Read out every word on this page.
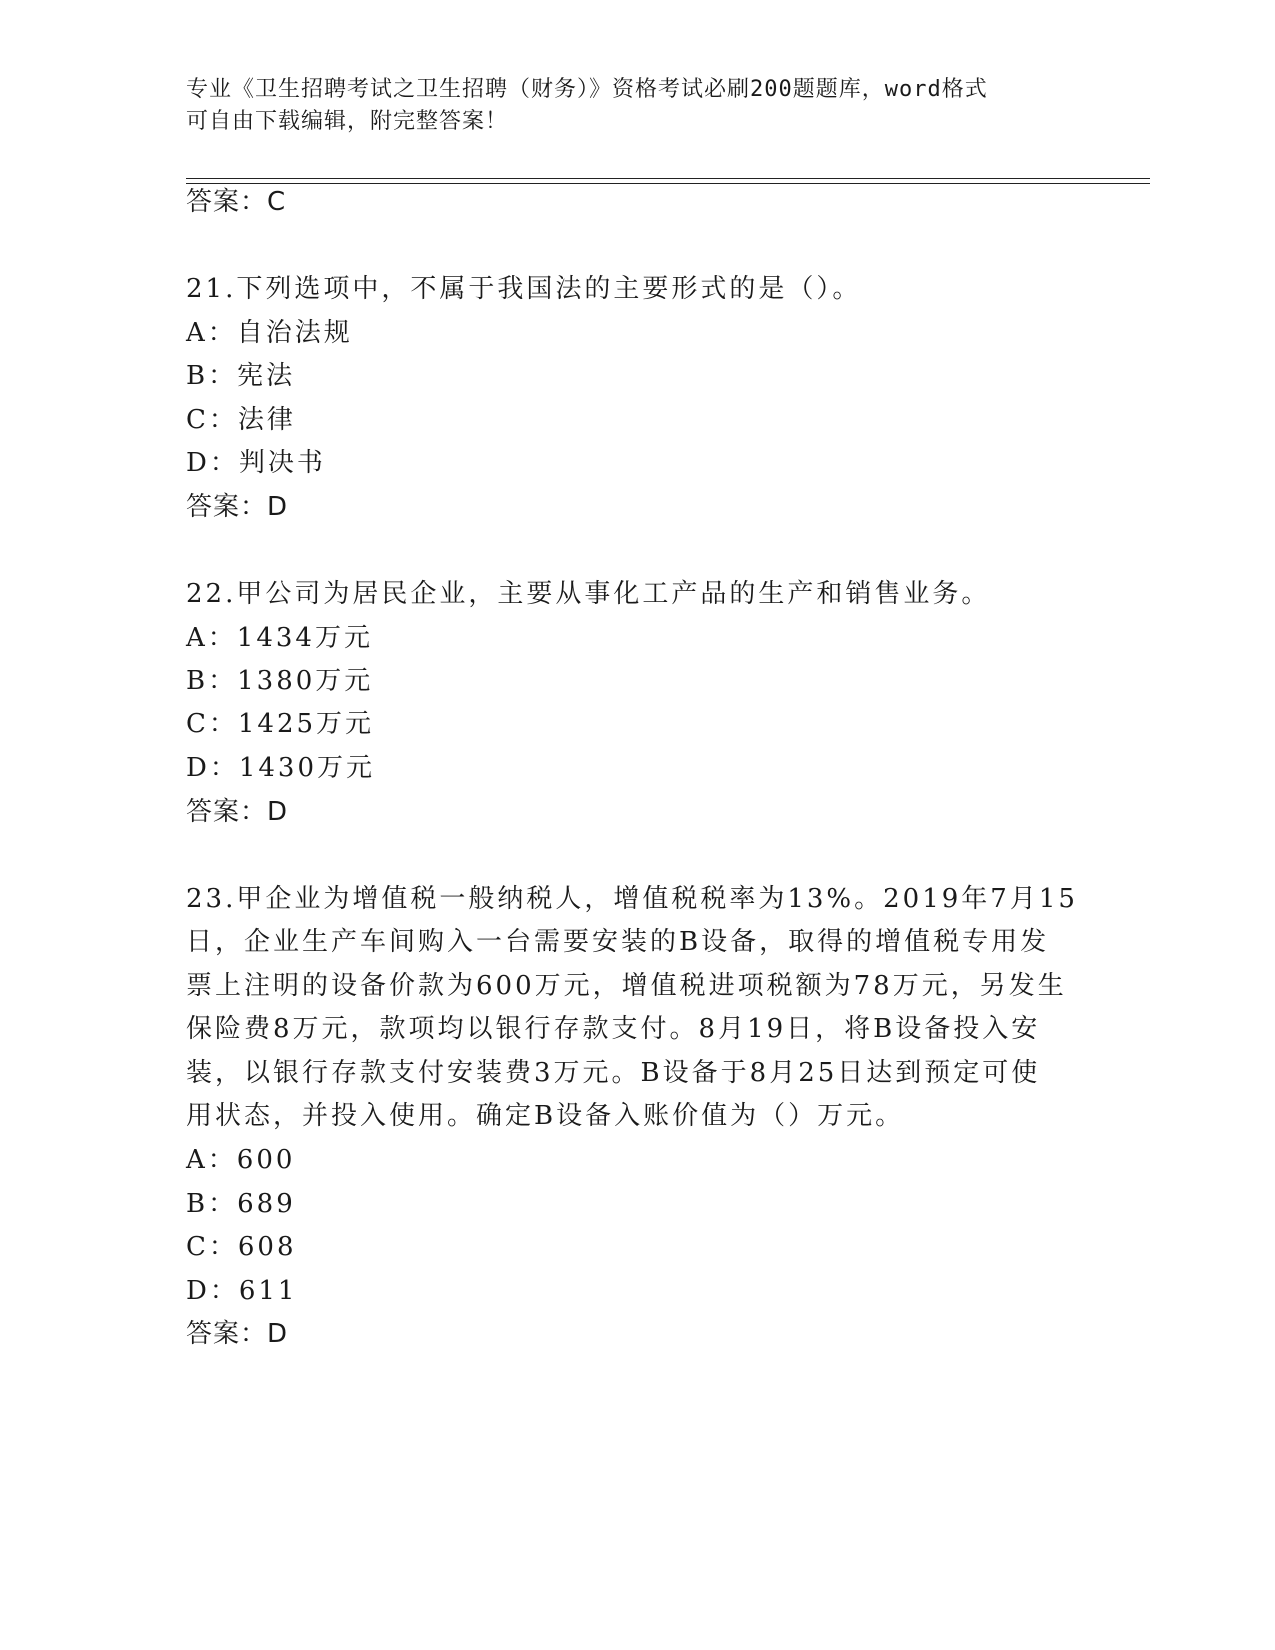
专业《卫生招聘考试之卫生招聘（财务）》资格考试必刷200题题库，word格式
可自由下载编辑，附完整答案！
答案：C
21.下列选项中，不属于我国法的主要形式的是（）。
A：自治法规
B：宪法
C：法律
D：判决书
答案：D
22.甲公司为居民企业，主要从事化工产品的生产和销售业务。
A：1434万元
B：1380万元
C：1425万元
D：1430万元
答案：D
23.甲企业为增值税一般纳税人，增值税税率为13%。2019年7月15
日，企业生产车间购入一台需要安装的B设备，取得的增值税专用发
票上注明的设备价款为600万元，增值税进项税额为78万元，另发生
保险费8万元，款项均以银行存款支付。8月19日，将B设备投入安
装，以银行存款支付安装费3万元。B设备于8月25日达到预定可使
用状态，并投入使用。确定B设备入账价值为（）万元。
A：600
B：689
C：608
D：611
答案：D
